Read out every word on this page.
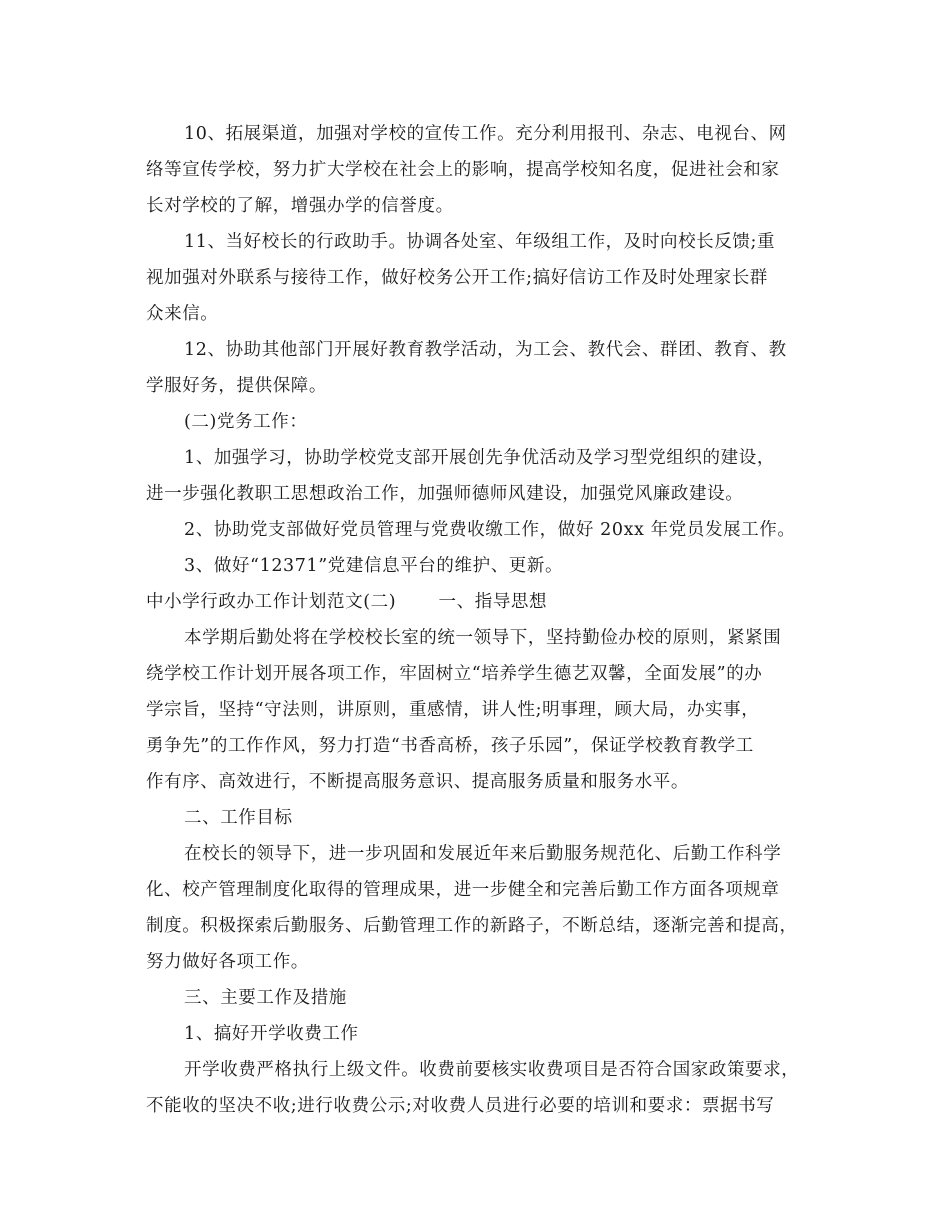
10、拓展渠道，加强对学校的宣传工作。充分利用报刊、杂志、电视台、网
络等宣传学校，努力扩大学校在社会上的影响，提高学校知名度，促进社会和家
长对学校的了解，增强办学的信誉度。
11、当好校长的行政助手。协调各处室、年级组工作，及时向校长反馈;重
视加强对外联系与接待工作，做好校务公开工作;搞好信访工作及时处理家长群
众来信。
12、协助其他部门开展好教育教学活动，为工会、教代会、群团、教育、教
学服好务，提供保障。
(二)党务工作：
1、加强学习，协助学校党支部开展创先争优活动及学习型党组织的建设，
进一步强化教职工思想政治工作，加强师德师风建设，加强党风廉政建设。
2、协助党支部做好党员管理与党费收缴工作，做好 20xx 年党员发展工作。
3、做好“12371”党建信息平台的维护、更新。
中小学行政办工作计划范文(二)　　 一、指导思想
本学期后勤处将在学校校长室的统一领导下，坚持勤俭办校的原则，紧紧围
绕学校工作计划开展各项工作，牢固树立“培养学生德艺双馨，全面发展”的办
学宗旨，坚持“守法则，讲原则，重感情，讲人性;明事理，顾大局，办实事，
勇争先”的工作作风，努力打造“书香高桥，孩子乐园”，保证学校教育教学工
作有序、高效进行，不断提高服务意识、提高服务质量和服务水平。
二、工作目标
在校长的领导下，进一步巩固和发展近年来后勤服务规范化、后勤工作科学
化、校产管理制度化取得的管理成果，进一步健全和完善后勤工作方面各项规章
制度。积极探索后勤服务、后勤管理工作的新路子，不断总结，逐渐完善和提高，
努力做好各项工作。
三、主要工作及措施
1、搞好开学收费工作
开学收费严格执行上级文件。收费前要核实收费项目是否符合国家政策要求，
不能收的坚决不收;进行收费公示;对收费人员进行必要的培训和要求：票据书写
